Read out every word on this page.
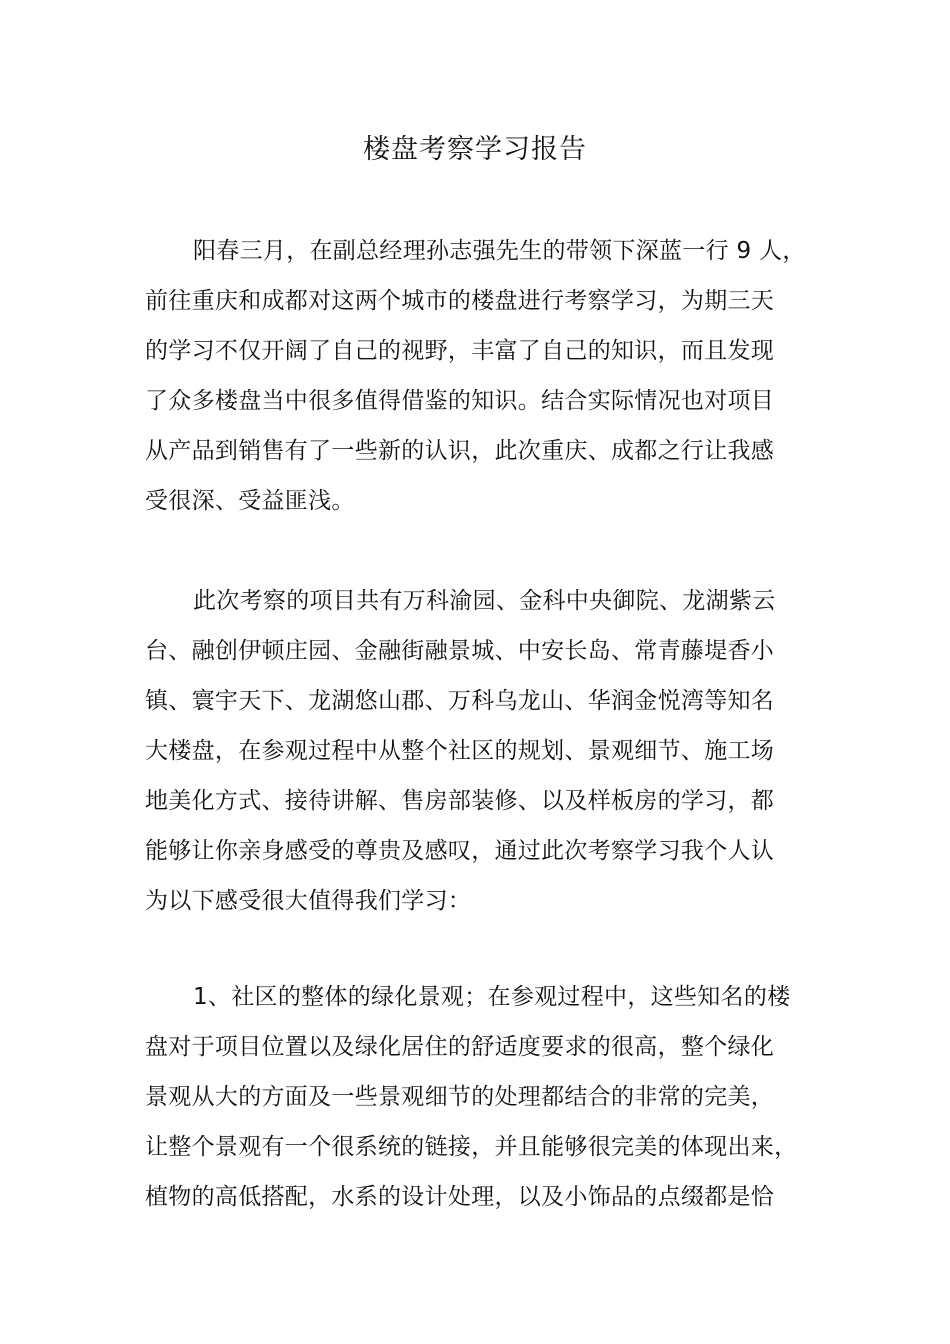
楼盘考察学习报告
阳春三月，在副总经理孙志强先生的带领下深蓝一行 9 人，
前往重庆和成都对这两个城市的楼盘进行考察学习，为期三天
的学习不仅开阔了自己的视野，丰富了自己的知识，而且发现
了众多楼盘当中很多值得借鉴的知识。结合实际情况也对项目
从产品到销售有了一些新的认识，此次重庆、成都之行让我感
受很深、受益匪浅。
此次考察的项目共有万科渝园、金科中央御院、龙湖紫云
台、融创伊顿庄园、金融街融景城、中安长岛、常青藤堤香小
镇、寰宇天下、龙湖悠山郡、万科乌龙山、华润金悦湾等知名
大楼盘，在参观过程中从整个社区的规划、景观细节、施工场
地美化方式、接待讲解、售房部装修、以及样板房的学习，都
能够让你亲身感受的尊贵及感叹，通过此次考察学习我个人认
为以下感受很大值得我们学习：
1、社区的整体的绿化景观；在参观过程中，这些知名的楼
盘对于项目位置以及绿化居住的舒适度要求的很高，整个绿化
景观从大的方面及一些景观细节的处理都结合的非常的完美，
让整个景观有一个很系统的链接，并且能够很完美的体现出来，
植物的高低搭配，水系的设计处理，以及小饰品的点缀都是恰
